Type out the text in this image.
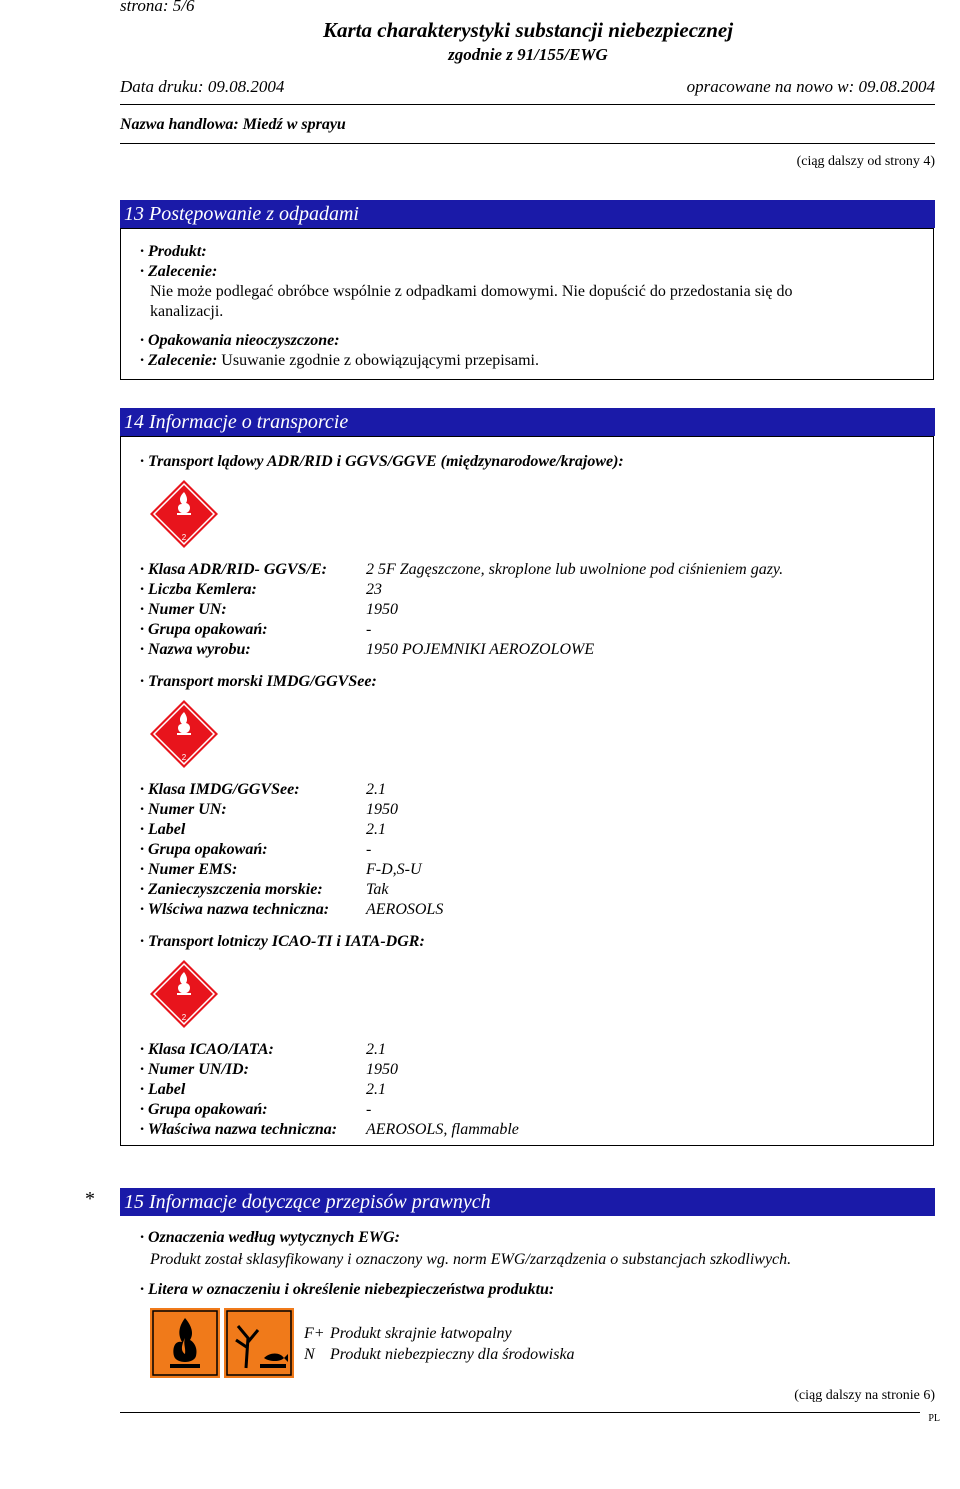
strona: 5/6
Karta charakterystyki substancji niebezpiecznej
zgodnie z 91/155/EWG
Data druku: 09.08.2004	opracowane na nowo w: 09.08.2004
Nazwa handlowa: Miedź w sprayu
(ciąg dalszy od strony 4)
13 Postępowanie z odpadami
· Produkt:
· Zalecenie:
Nie może podlegać obróbce wspólnie z odpadkami domowymi. Nie dopuścić do przedostania się do
kanalizacji.
· Opakowania nieoczyszczone:
· Zalecenie: Usuwanie zgodnie z obowiązującymi przepisami.
14 Informacje o transporcie
· Transport lądowy ADR/RID i GGVS/GGVE (międzynarodowe/krajowe):
2
· Klasa ADR/RID- GGVS/E: 2 5F Zagęszczone, skroplone lub uwolnione pod ciśnieniem gazy.
· Liczba Kemlera:	23
· Numer UN:	1950
· Grupa opakowań:	-
· Nazwa wyrobu:	1950 POJEMNIKI AEROZOLOWE
· Transport morski IMDG/GGVSee:
2
· Klasa IMDG/GGVSee:	2.1
· Numer UN:	1950
· Label	2.1
· Grupa opakowań:	-
· Numer EMS:	F-D,S-U
· Zanieczyszczenia morskie:	Tak
· Wlściwa nazwa techniczna: AEROSOLS
· Transport lotniczy ICAO-TI i IATA-DGR:
2
· Klasa ICAO/IATA:	2.1
· Numer UN/ID:	1950
· Label	2.1
· Grupa opakowań:	-
· Właściwa nazwa techniczna: AEROSOLS, flammable
* 15 Informacje dotyczące przepisów prawnych
· Oznaczenia według wytycznych EWG:
Produkt został sklasyfikowany i oznaczony wg. norm EWG/zarządzenia o substancjach szkodliwych.
· Litera w oznaczeniu i określenie niebezpieczeństwa produktu:
F+ Produkt skrajnie łatwopalny
N Produkt niebezpieczny dla środowiska
(ciąg dalszy na stronie 6)
PL
